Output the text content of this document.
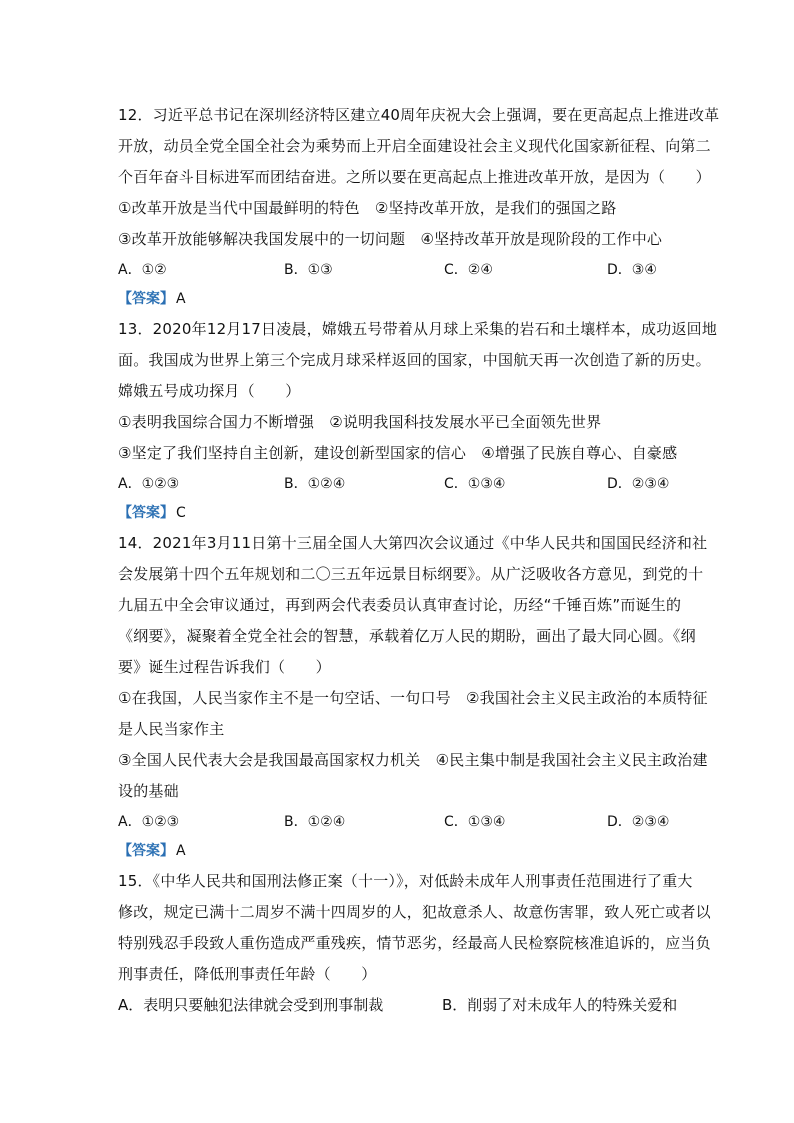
12．习近平总书记在深圳经济特区建立40周年庆祝大会上强调，要在更高起点上推进改革
开放，动员全党全国全社会为乘势而上开启全面建设社会主义现代化国家新征程、向第二
个百年奋斗目标进军而团结奋进。之所以要在更高起点上推进改革开放，是因为（　　）
①改革开放是当代中国最鲜明的特色　②坚持改革开放，是我们的强国之路
③改革开放能够解决我国发展中的一切问题　④坚持改革开放是现阶段的工作中心
A．①②	B．①③	C．②④	D．③④
【答案】 A
13．2020年12月17日凌晨，嫦娥五号带着从月球上采集的岩石和土壤样本，成功返回地
面。我国成为世界上第三个完成月球采样返回的国家，中国航天再一次创造了新的历史。
嫦娥五号成功探月（　　）
①表明我国综合国力不断增强　②说明我国科技发展水平已全面领先世界
③坚定了我们坚持自主创新，建设创新型国家的信心　④增强了民族自尊心、自豪感
A．①②③	B．①②④	C．①③④	D．②③④
【答案】 C
14．2021年3月11日第十三届全国人大第四次会议通过《中华人民共和国国民经济和社
会发展第十四个五年规划和二〇三五年远景目标纲要》。从广泛吸收各方意见，到党的十
九届五中全会审议通过，再到两会代表委员认真审查讨论，历经“千锤百炼”而诞生的
《纲要》，凝聚着全党全社会的智慧，承载着亿万人民的期盼，画出了最大同心圆。《纲
要》诞生过程告诉我们（　　）
①在我国，人民当家作主不是一句空话、一句口号　②我国社会主义民主政治的本质特征
是人民当家作主
③全国人民代表大会是我国最高国家权力机关　④民主集中制是我国社会主义民主政治建
设的基础
A．①②③	B．①②④	C．①③④	D．②③④
【答案】 A
15．《中华人民共和国刑法修正案（十一）》，对低龄未成年人刑事责任范围进行了重大
修改，规定已满十二周岁不满十四周岁的人，犯故意杀人、故意伤害罪，致人死亡或者以
特别残忍手段致人重伤造成严重残疾，情节恶劣，经最高人民检察院核准追诉的，应当负
刑事责任，降低刑事责任年龄（　　）
A．表明只要触犯法律就会受到刑事制裁	B．削弱了对未成年人的特殊关爱和
